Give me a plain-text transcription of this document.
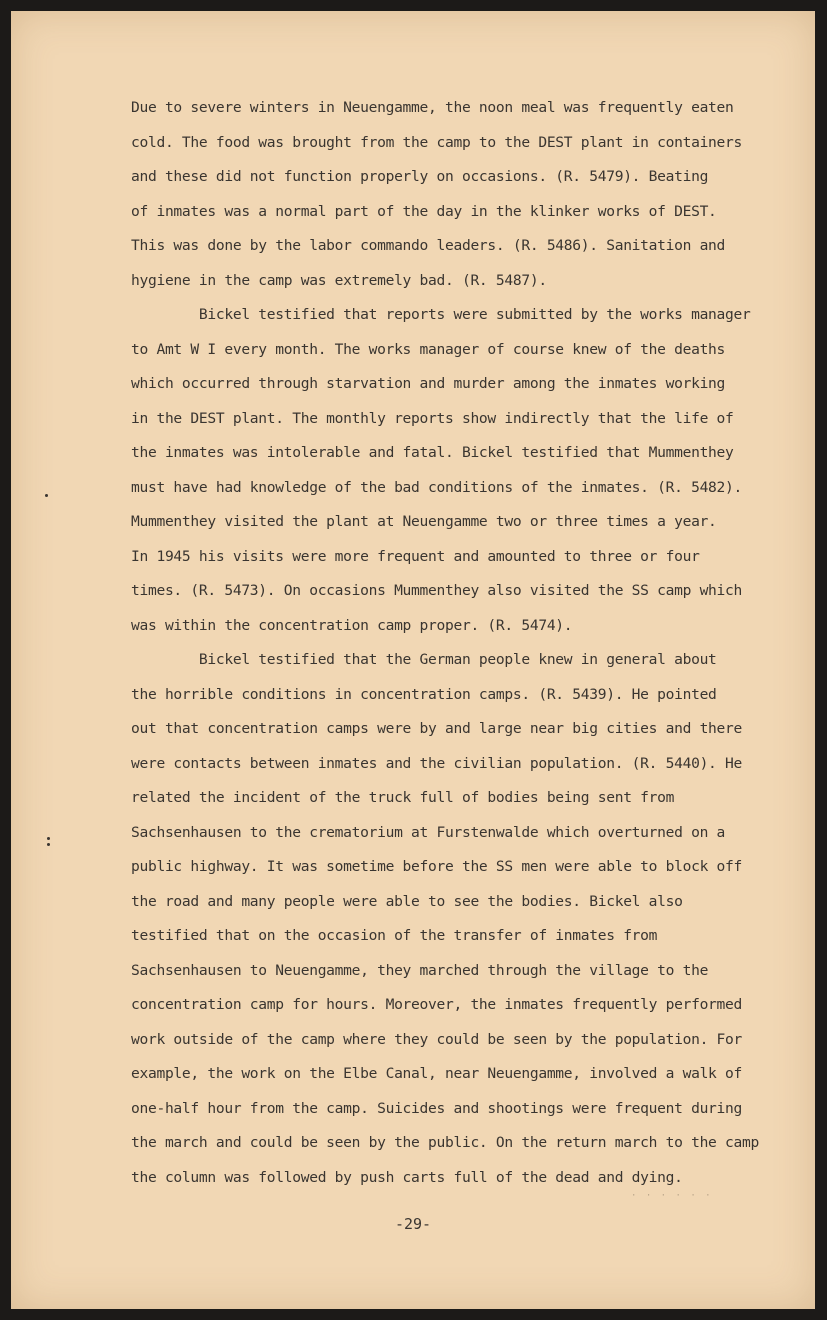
Due to severe winters in Neuengamme, the noon meal was frequently eaten
cold. The food was brought from the camp to the DEST plant in containers
and these did not function properly on occasions. (R. 5479). Beating
of inmates was a normal part of the day in the klinker works of DEST.
This was done by the labor commando leaders. (R. 5486). Sanitation and
hygiene in the camp was extremely bad. (R. 5487).
Bickel testified that reports were submitted by the works manager
to Amt W I every month. The works manager of course knew of the deaths
which occurred through starvation and murder among the inmates working
in the DEST plant. The monthly reports show indirectly that the life of
the inmates was intolerable and fatal. Bickel testified that Mummenthey
must have had knowledge of the bad conditions of the inmates. (R. 5482).
Mummenthey visited the plant at Neuengamme two or three times a year.
In 1945 his visits were more frequent and amounted to three or four
times. (R. 5473). On occasions Mummenthey also visited the SS camp which
was within the concentration camp proper. (R. 5474).
Bickel testified that the German people knew in general about
the horrible conditions in concentration camps. (R. 5439). He pointed
out that concentration camps were by and large near big cities and there
were contacts between inmates and the civilian population. (R. 5440). He
related the incident of the truck full of bodies being sent from
Sachsenhausen to the crematorium at Furstenwalde which overturned on a
public highway. It was sometime before the SS men were able to block off
the road and many people were able to see the bodies. Bickel also
testified that on the occasion of the transfer of inmates from
Sachsenhausen to Neuengamme, they marched through the village to the
concentration camp for hours. Moreover, the inmates frequently performed
work outside of the camp where they could be seen by the population. For
example, the work on the Elbe Canal, near Neuengamme, involved a walk of
one-half hour from the camp. Suicides and shootings were frequent during
the march and could be seen by the public. On the return march to the camp
the column was followed by push carts full of the dead and dying.
· · · · · ·
-29-
